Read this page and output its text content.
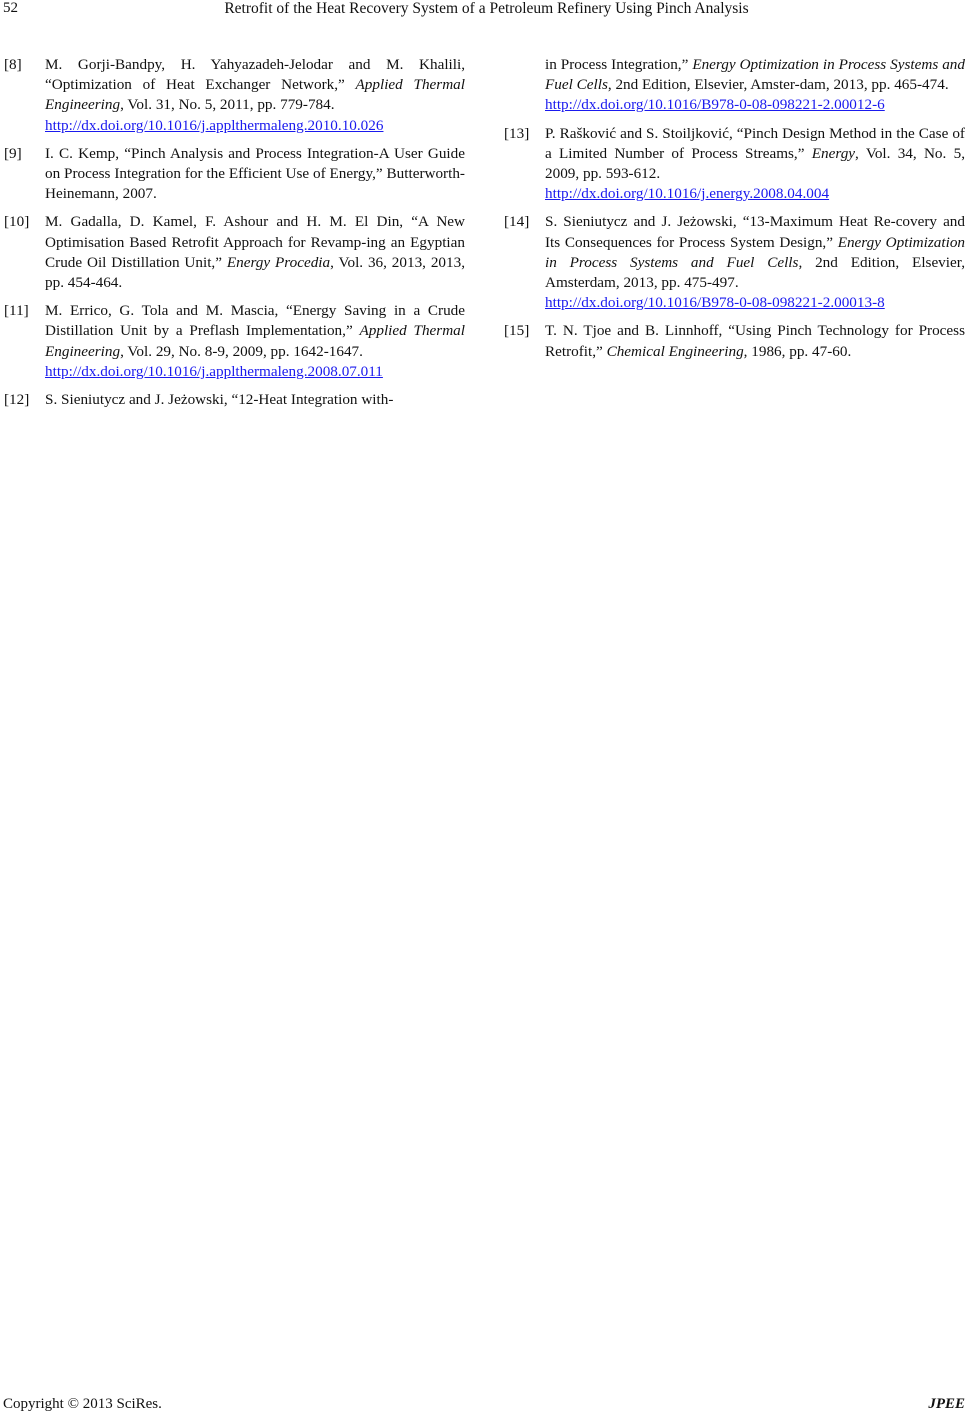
52	Retrofit of the Heat Recovery System of a Petroleum Refinery Using Pinch Analysis
[8] M. Gorji-Bandpy, H. Yahyazadeh-Jelodar and M. Khalili, “Optimization of Heat Exchanger Network,” Applied Thermal Engineering, Vol. 31, No. 5, 2011, pp. 779-784.
http://dx.doi.org/10.1016/j.applthermaleng.2010.10.026
[9] I. C. Kemp, “Pinch Analysis and Process Integration-A User Guide on Process Integration for the Efficient Use of Energy,” Butterworth-Heinemann, 2007.
[10] M. Gadalla, D. Kamel, F. Ashour and H. M. El Din, “A New Optimisation Based Retrofit Approach for Revamp-ing an Egyptian Crude Oil Distillation Unit,” Energy Procedia, Vol. 36, 2013, 2013, pp. 454-464.
[11] M. Errico, G. Tola and M. Mascia, “Energy Saving in a Crude Distillation Unit by a Preflash Implementation,” Applied Thermal Engineering, Vol. 29, No. 8-9, 2009, pp. 1642-1647.
http://dx.doi.org/10.1016/j.applthermaleng.2008.07.011
[12] S. Sieniutycz and J. Jeżowski, “12-Heat Integration with-
in Process Integration,” Energy Optimization in Process Systems and Fuel Cells, 2nd Edition, Elsevier, Amster-dam, 2013, pp. 465-474.
http://dx.doi.org/10.1016/B978-0-08-098221-2.00012-6
[13] P. Rašković and S. Stoiljković, “Pinch Design Method in the Case of a Limited Number of Process Streams,” Energy, Vol. 34, No. 5, 2009, pp. 593-612.
http://dx.doi.org/10.1016/j.energy.2008.04.004
[14] S. Sieniutycz and J. Jeżowski, “13-Maximum Heat Re-covery and Its Consequences for Process System Design,” Energy Optimization in Process Systems and Fuel Cells, 2nd Edition, Elsevier, Amsterdam, 2013, pp. 475-497.
http://dx.doi.org/10.1016/B978-0-08-098221-2.00013-8
[15] T. N. Tjoe and B. Linnhoff, “Using Pinch Technology for Process Retrofit,” Chemical Engineering, 1986, pp. 47-60.
Copyright © 2013 SciRes.	JPEE
